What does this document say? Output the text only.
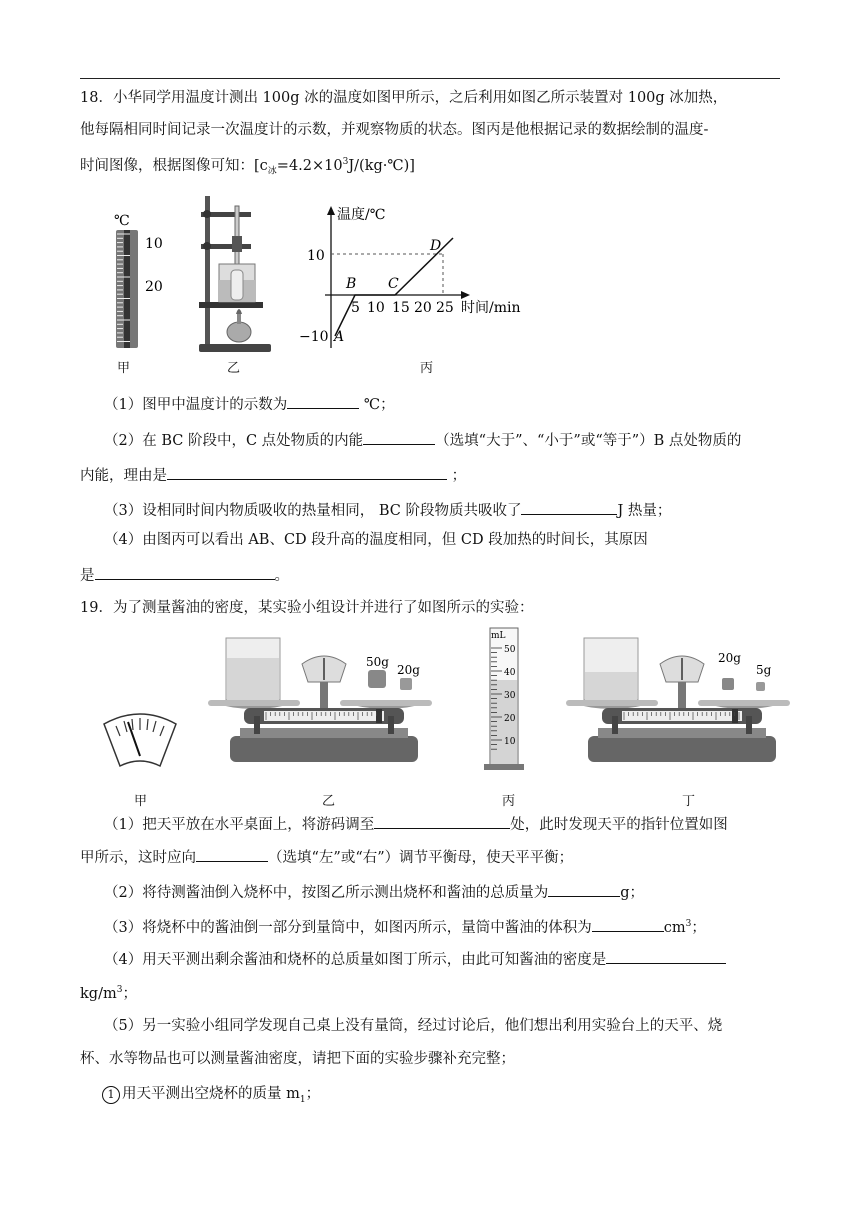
18．小华同学用温度计测出 100g 冰的温度如图甲所示，之后利用如图乙所示装置对 100g 冰加热，
他每隔相同时间记录一次温度计的示数，并观察物质的状态。图丙是他根据记录的数据绘制的温度-
时间图像，根据图像可知：$[c_冰=4.2\times 10^3J/(kg\cdot℃)]$
℃
10
20
甲	乙
温度/℃
时间/min
10
−10
5 10 15 20 25
A
B C
D
丙
（1）图甲中温度计的示数为	℃；
（2）在 BC 阶段中，C 点处物质的内能	（选填“大于”、“小于”或“等于”）B 点处物质的
内能，理由是	；
（3）设相同时间内物质吸收的热量相同， BC 阶段物质共吸收了	J 热量；
（4）由图丙可以看出 AB、CD 段升高的温度相同，但 CD 段加热的时间长，其原因
是	。
19．为了测量酱油的密度，某实验小组设计并进行了如图所示的实验：
甲
50g
20g
乙
mL
50
40
30
20
10
丙
20g
5g
丁
（1）把天平放在水平桌面上，将游码调至	处，此时发现天平的指针位置如图
甲所示，这时应向	（选填“左”或“右”）调节平衡母，使天平平衡；
（2）将待测酱油倒入烧杯中，按图乙所示测出烧杯和酱油的总质量为	g；
（3）将烧杯中的酱油倒一部分到量筒中，如图丙所示，量筒中酱油的体积为	$cm^3$；
（4）用天平测出剩余酱油和烧杯的总质量如图丁所示，由此可知酱油的密度是
$kg/m^3$；
（5）另一实验小组同学发现自己桌上没有量筒，经过讨论后，他们想出利用实验台上的天平、烧
杯、水等物品也可以测量酱油密度，请把下面的实验步骤补充完整；
1 用天平测出空烧杯的质量 $m_1$；
